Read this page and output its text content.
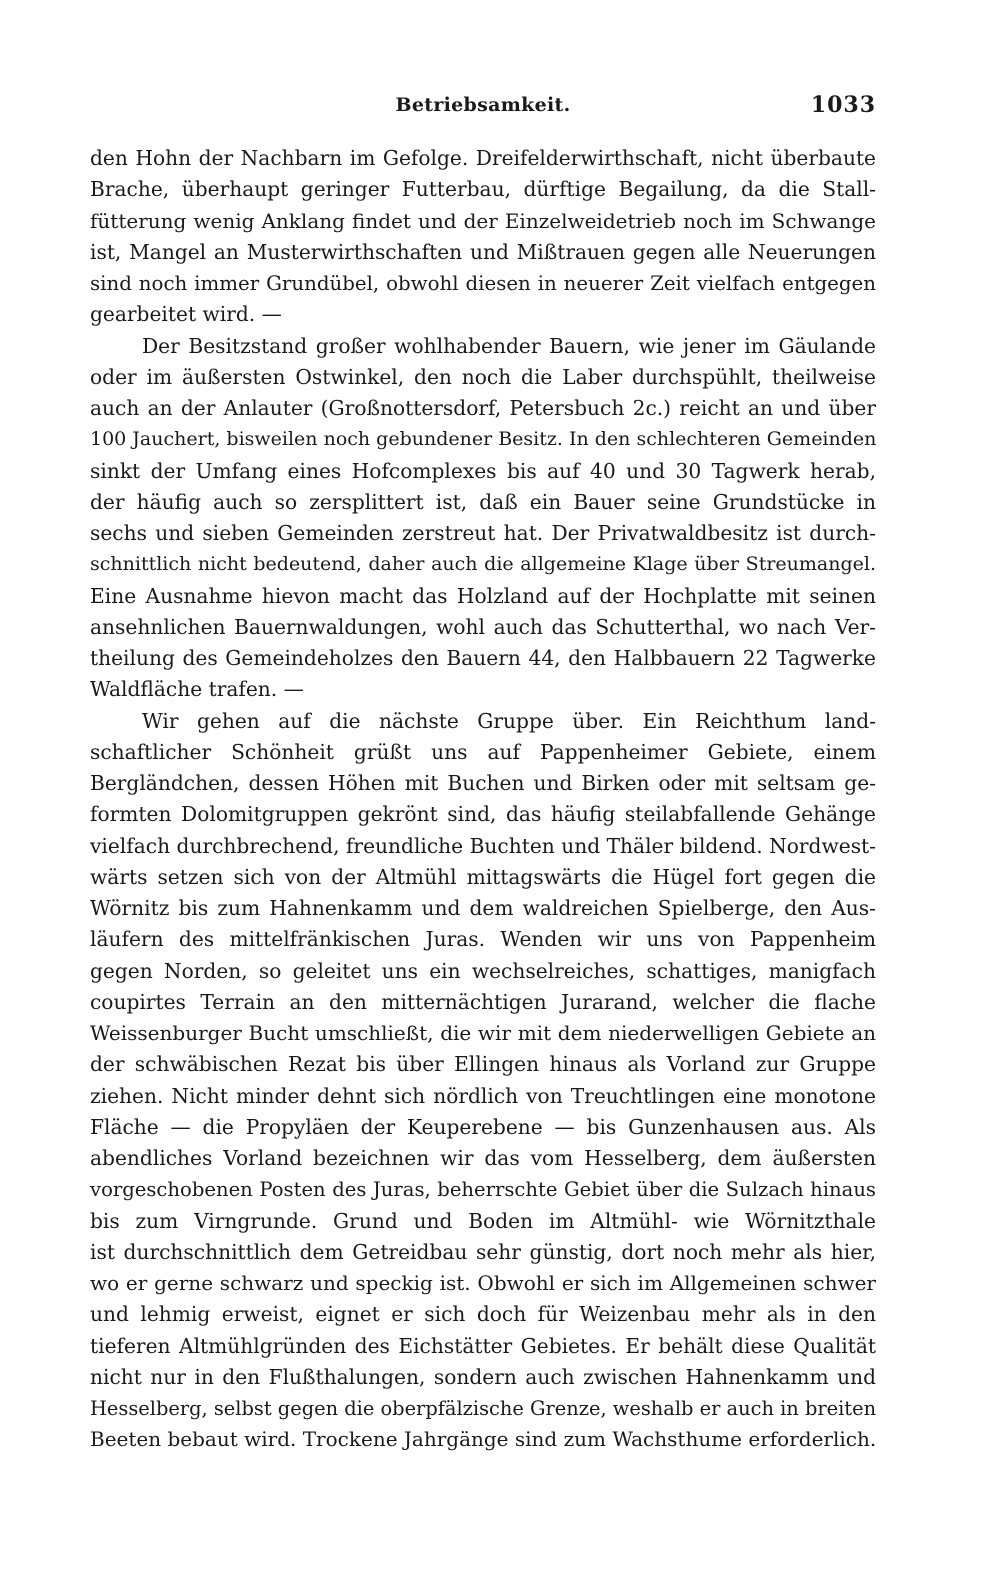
Betriebsamkeit.	1033
den Hohn der Nachbarn im Gefolge. Dreifelderwirthschaft, nicht überbaute
Brache, überhaupt geringer Futterbau, dürftige Begailung, da die Stall-
fütterung wenig Anklang findet und der Einzelweidetrieb noch im Schwange
ist, Mangel an Musterwirthschaften und Mißtrauen gegen alle Neuerungen
sind noch immer Grundübel, obwohl diesen in neuerer Zeit vielfach entgegen
gearbeitet wird. —
Der Besitzstand großer wohlhabender Bauern, wie jener im Gäulande
oder im äußersten Ostwinkel, den noch die Laber durchspühlt, theilweise
auch an der Anlauter (Großnottersdorf, Petersbuch 2c.) reicht an und über
100 Jauchert, bisweilen noch gebundener Besitz. In den schlechteren Gemeinden
sinkt der Umfang eines Hofcomplexes bis auf 40 und 30 Tagwerk herab,
der häufig auch so zersplittert ist, daß ein Bauer seine Grundstücke in
sechs und sieben Gemeinden zerstreut hat. Der Privatwaldbesitz ist durch-
schnittlich nicht bedeutend, daher auch die allgemeine Klage über Streumangel.
Eine Ausnahme hievon macht das Holzland auf der Hochplatte mit seinen
ansehnlichen Bauernwaldungen, wohl auch das Schutterthal, wo nach Ver-
theilung des Gemeindeholzes den Bauern 44, den Halbbauern 22 Tagwerke
Waldfläche trafen. —
Wir gehen auf die nächste Gruppe über. Ein Reichthum land-
schaftlicher Schönheit grüßt uns auf Pappenheimer Gebiete, einem
Bergländchen, dessen Höhen mit Buchen und Birken oder mit seltsam ge-
formten Dolomitgruppen gekrönt sind, das häufig steilabfallende Gehänge
vielfach durchbrechend, freundliche Buchten und Thäler bildend. Nordwest-
wärts setzen sich von der Altmühl mittagswärts die Hügel fort gegen die
Wörnitz bis zum Hahnenkamm und dem waldreichen Spielberge, den Aus-
läufern des mittelfränkischen Juras. Wenden wir uns von Pappenheim
gegen Norden, so geleitet uns ein wechselreiches, schattiges, manigfach
coupirtes Terrain an den mitternächtigen Jurarand, welcher die flache
Weissenburger Bucht umschließt, die wir mit dem niederwelligen Gebiete an
der schwäbischen Rezat bis über Ellingen hinaus als Vorland zur Gruppe
ziehen. Nicht minder dehnt sich nördlich von Treuchtlingen eine monotone
Fläche — die Propyläen der Keuperebene — bis Gunzenhausen aus. Als
abendliches Vorland bezeichnen wir das vom Hesselberg, dem äußersten
vorgeschobenen Posten des Juras, beherrschte Gebiet über die Sulzach hinaus
bis zum Virngrunde. Grund und Boden im Altmühl- wie Wörnitzthale
ist durchschnittlich dem Getreidbau sehr günstig, dort noch mehr als hier,
wo er gerne schwarz und speckig ist. Obwohl er sich im Allgemeinen schwer
und lehmig erweist, eignet er sich doch für Weizenbau mehr als in den
tieferen Altmühlgründen des Eichstätter Gebietes. Er behält diese Qualität
nicht nur in den Flußthalungen, sondern auch zwischen Hahnenkamm und
Hesselberg, selbst gegen die oberpfälzische Grenze, weshalb er auch in breiten
Beeten bebaut wird. Trockene Jahrgänge sind zum Wachsthume erforderlich.
